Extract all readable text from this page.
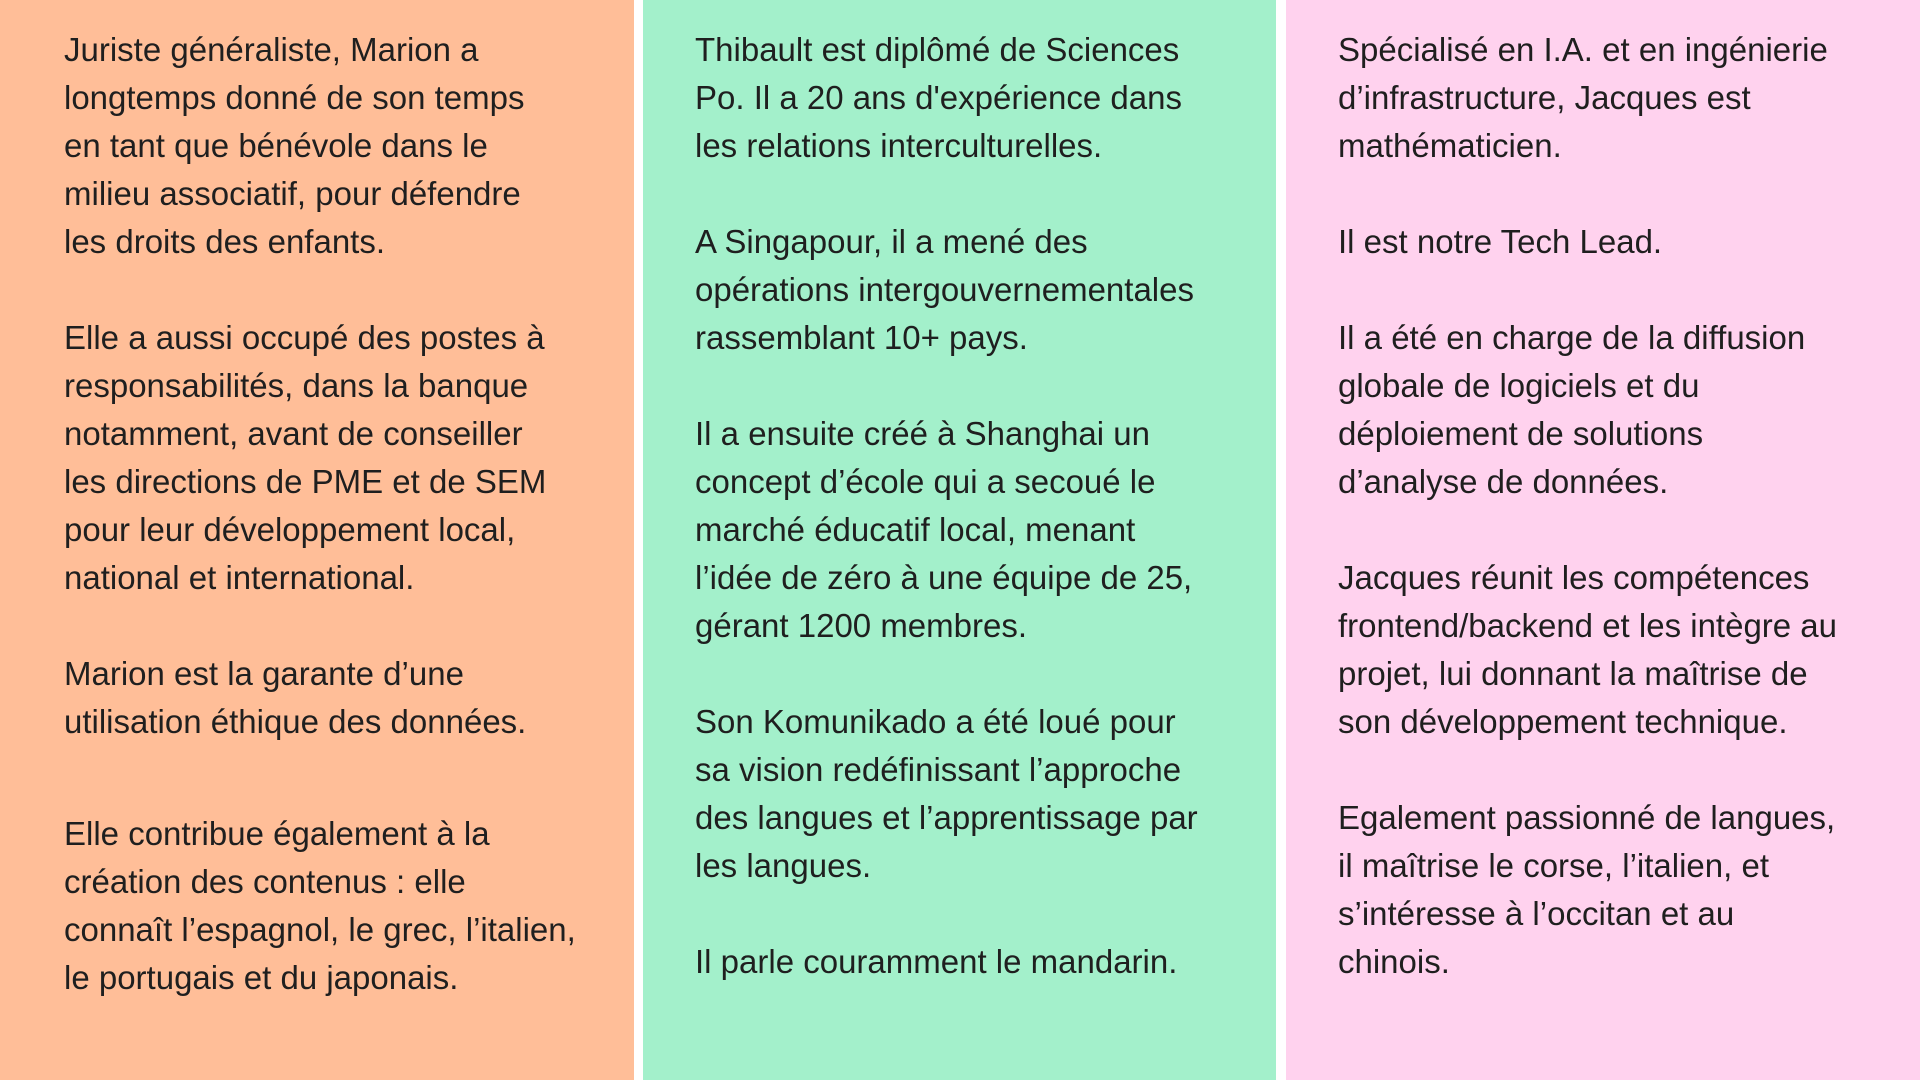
Juriste généraliste, Marion a
longtemps donné de son temps
en tant que bénévole dans le
milieu associatif, pour défendre
les droits des enfants.

Elle a aussi occupé des postes à
responsabilités, dans la banque
notamment, avant de conseiller
les directions de PME et de SEM
pour leur développement local,
national et international.

Marion est la garante d’une
utilisation éthique des données.

Elle contribue également à la
création des contenus : elle
connaît l’espagnol, le grec, l’italien,
le portugais et du japonais.

Thibault est diplômé de Sciences
Po. Il a 20 ans d'expérience dans
les relations interculturelles.

A Singapour, il a mené des
opérations intergouvernementales
rassemblant 10+ pays.

Il a ensuite créé à Shanghai un
concept d’école qui a secoué le
marché éducatif local, menant
l’idée de zéro à une équipe de 25,
gérant 1200 membres.

Son Komunikado a été loué pour
sa vision redéfinissant l’approche
des langues et l’apprentissage par
les langues.

Il parle couramment le mandarin.

Spécialisé en I.A. et en ingénierie
d’infrastructure, Jacques est
mathématicien.

Il est notre Tech Lead.

Il a été en charge de la diffusion
globale de logiciels et du
déploiement de solutions
d’analyse de données.

Jacques réunit les compétences
frontend/backend et les intègre au
projet, lui donnant la maîtrise de
son développement technique.

Egalement passionné de langues,
il maîtrise le corse, l’italien, et
s’intéresse à l’occitan et au
chinois.
